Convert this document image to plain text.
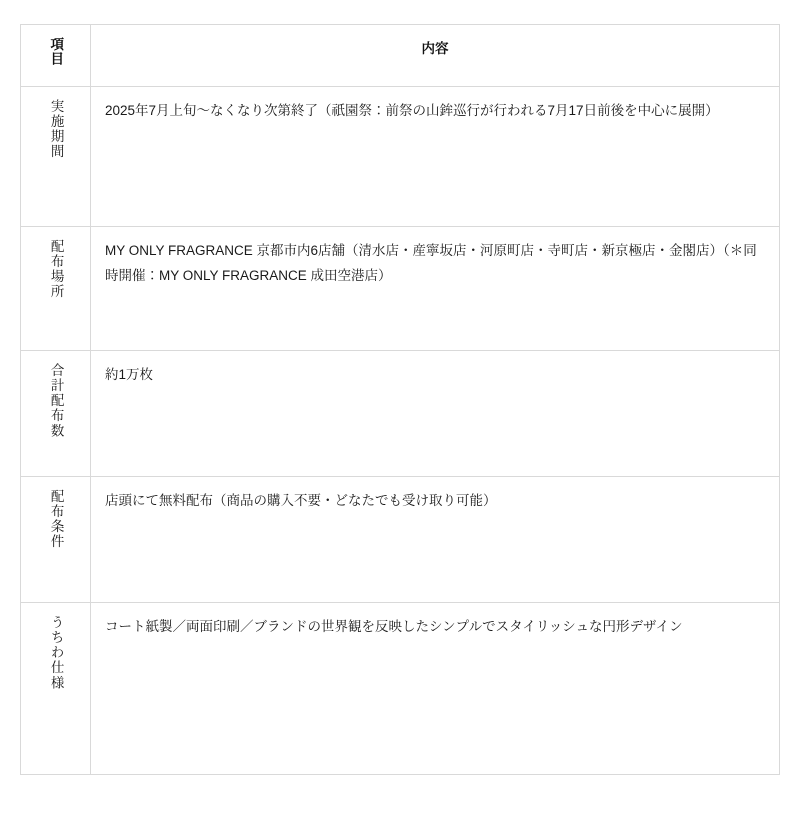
項目	内容
実施期間	2025年7月上旬〜なくなり次第終了（祇園祭：前祭の山鉾巡行が行われる7月17日前後を中心に展開）
配布場所	MY ONLY FRAGRANCE 京都市内6店舗（清水店・産寧坂店・河原町店・寺町店・新京極店・金閣店）（＊同時開催：MY ONLY FRAGRANCE 成田空港店）
合計配布数	約1万枚
配布条件	店頭にて無料配布（商品の購入不要・どなたでも受け取り可能）
うちわ仕様	コート紙製／両面印刷／ブランドの世界観を反映したシンプルでスタイリッシュな円形デザイン
